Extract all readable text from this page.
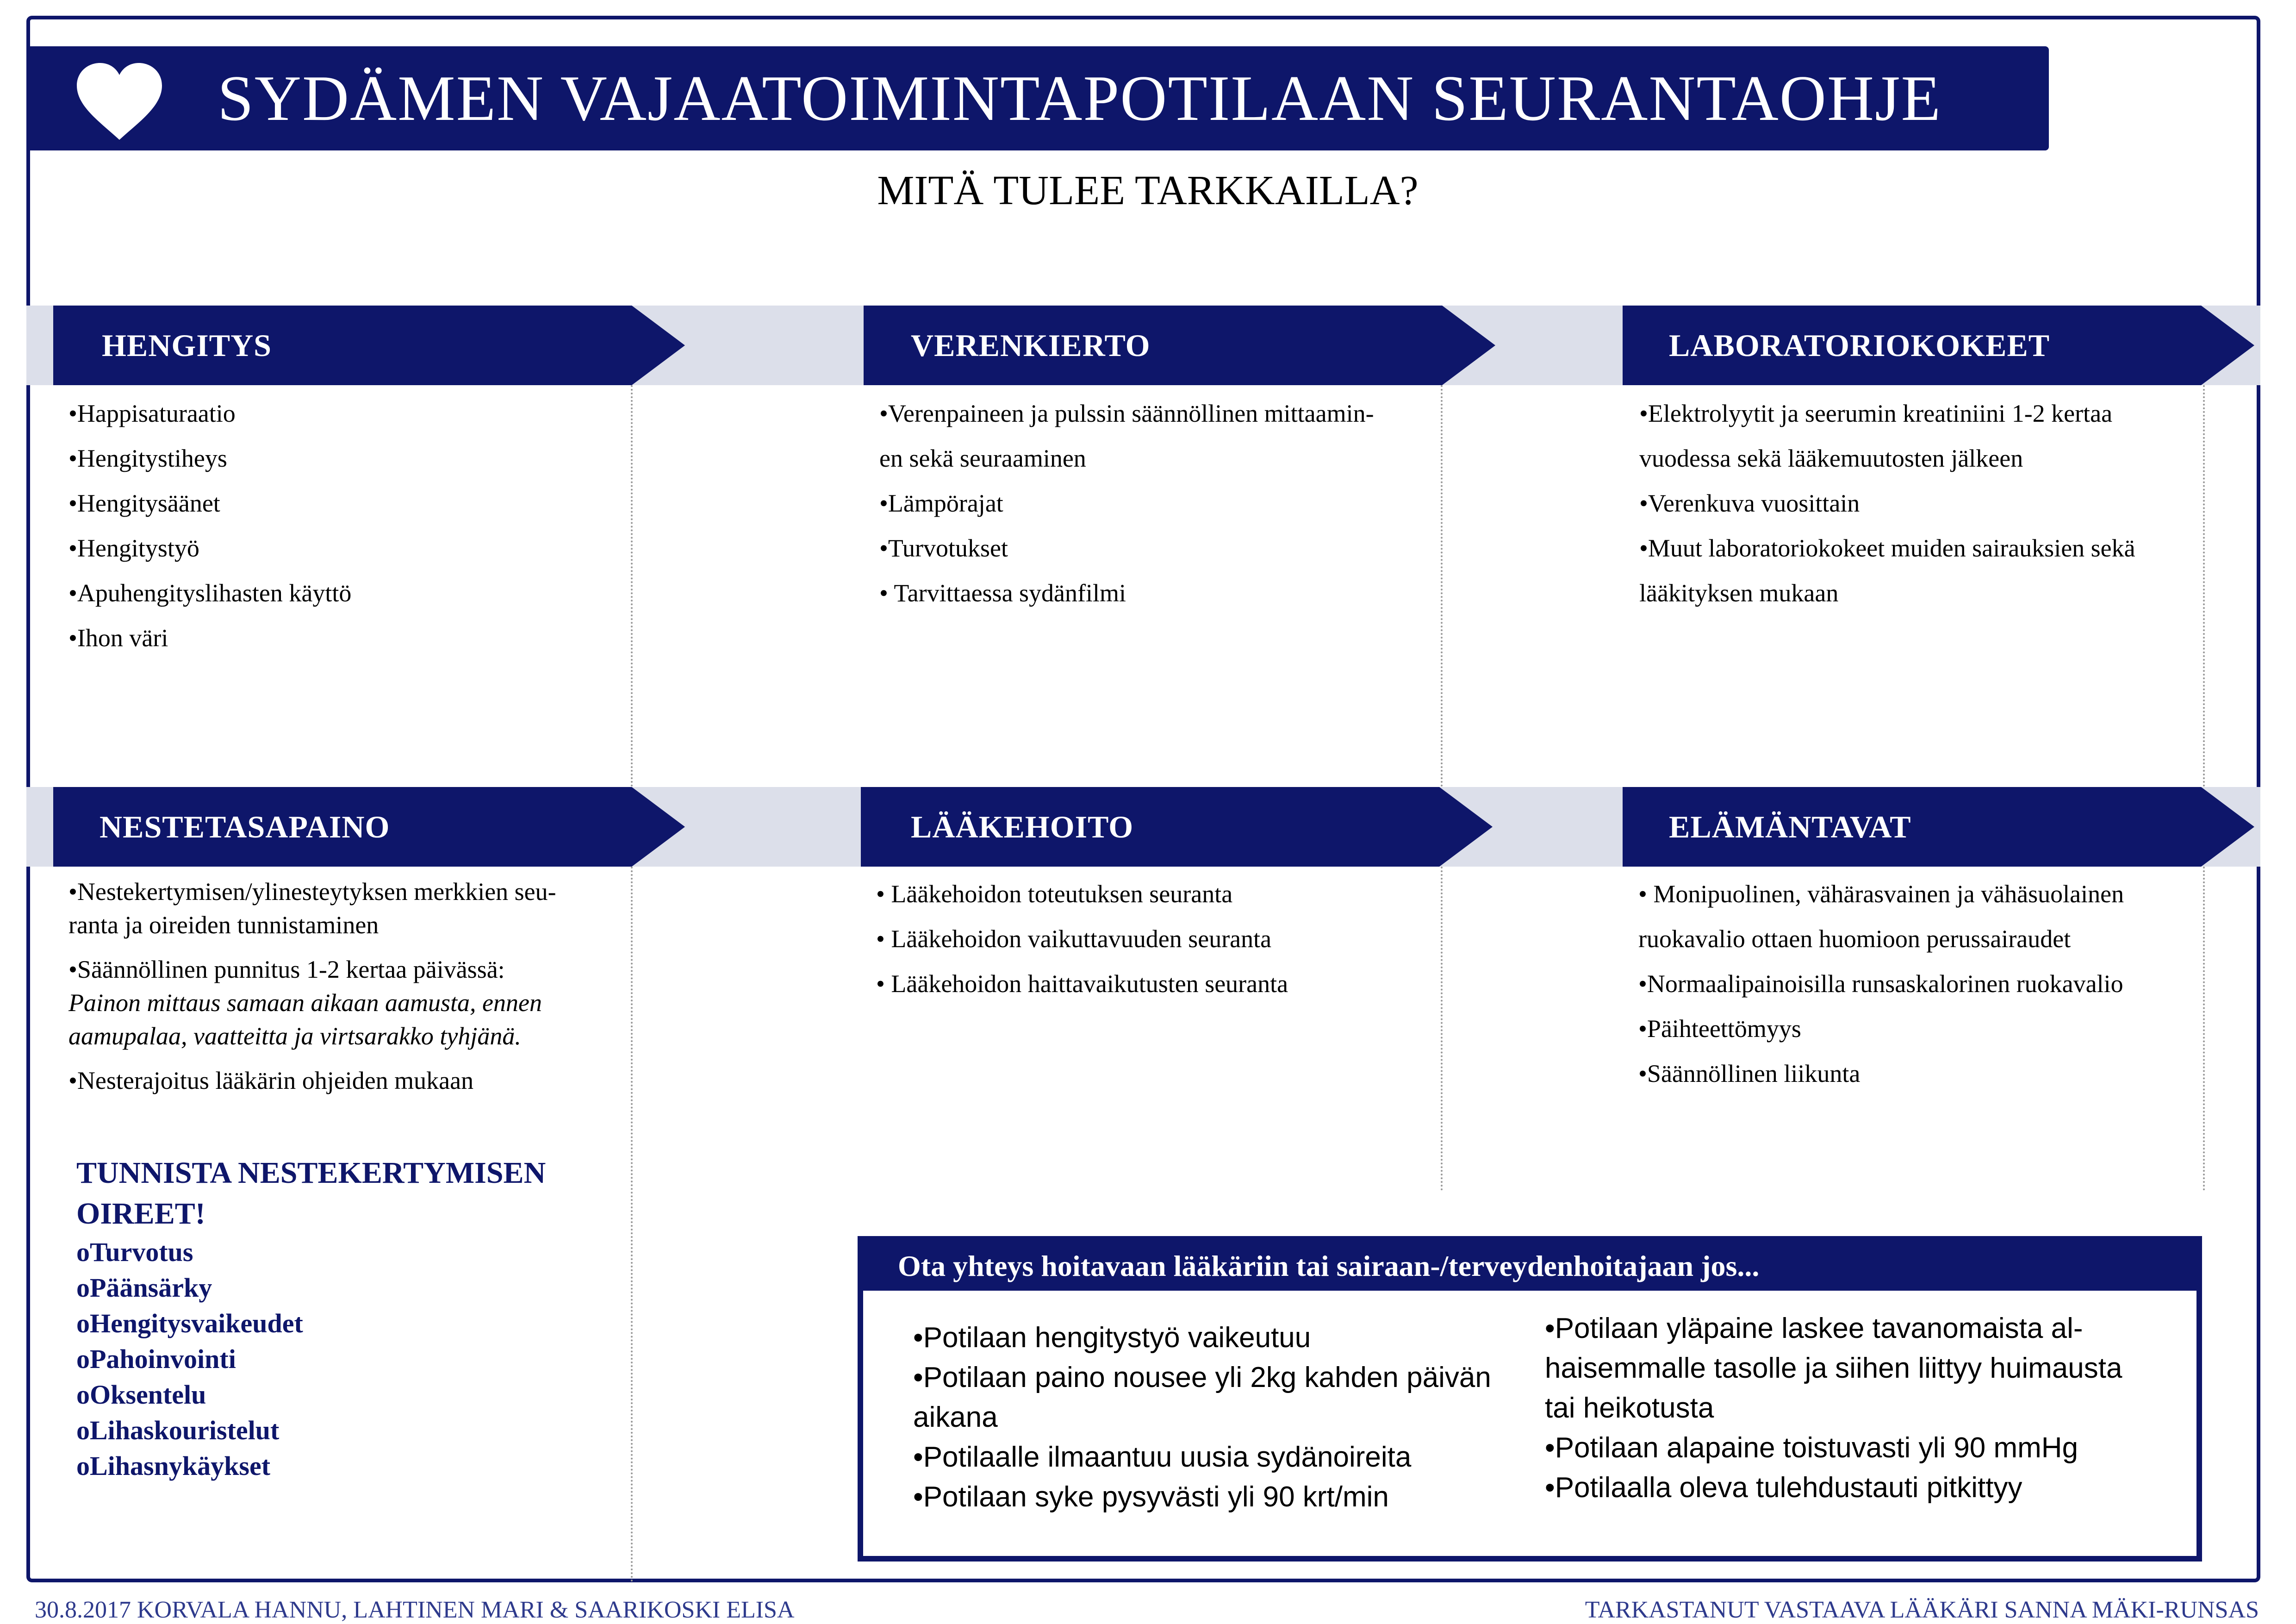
SYDÄMEN VAJAATOIMINTAPOTILAAN SEURANTAOHJE
MITÄ TULEE TARKKAILLA?
HENGITYS	VERENKIERTO	LABORATORIOKOKEET
NESTETASAPAINO	LÄÄKEHOITO	ELÄMÄNTAVAT
•Happisaturaatio
•Hengitystiheys
•Hengitysäänet
•Hengitystyö
•Apuhengityslihasten käyttö
•Ihon väri
•Verenpaineen ja pulssin säännöllinen mittaamin-
en sekä seuraaminen
•Lämpörajat
•Turvotukset
• Tarvittaessa sydänfilmi
•Elektrolyytit ja seerumin kreatiniini 1-2 kertaa
vuodessa sekä lääkemuutosten jälkeen
•Verenkuva vuosittain
•Muut laboratoriokokeet muiden sairauksien sekä
lääkityksen mukaan
•Nestekertymisen/ylinesteytyksen merkkien seu-
ranta ja oireiden tunnistaminen
•Säännöllinen punnitus 1-2 kertaa päivässä:
Painon mittaus samaan aikaan aamusta, ennen
aamupalaa, vaatteitta ja virtsarakko tyhjänä.
•Nesterajoitus lääkärin ohjeiden mukaan
• Lääkehoidon toteutuksen seuranta
• Lääkehoidon vaikuttavuuden seuranta
• Lääkehoidon haittavaikutusten seuranta
• Monipuolinen, vähärasvainen ja vähäsuolainen
ruokavalio ottaen huomioon perussairaudet
•Normaalipainoisilla runsaskalorinen ruokavalio
•Päihteettömyys
•Säännöllinen liikunta
TUNNISTA NESTEKERTYMISEN
OIREET!
oTurvotus
oPäänsärky
oHengitysvaikeudet
oPahoinvointi
oOksentelu
oLihaskouristelut
oLihasnykäykset
Ota yhteys hoitavaan lääkäriin tai sairaan-/terveydenhoitajaan jos...
•Potilaan hengitystyö vaikeutuu
•Potilaan paino nousee yli 2kg kahden päivän
aikana
•Potilaalle ilmaantuu uusia sydänoireita
•Potilaan syke pysyvästi yli 90 krt/min
•Potilaan yläpaine laskee tavanomaista al-
haisemmalle tasolle ja siihen liittyy huimausta
tai heikotusta
•Potilaan alapaine toistuvasti yli 90 mmHg
•Potilaalla oleva tulehdustauti pitkittyy
30.8.2017 KORVALA HANNU, LAHTINEN MARI & SAARIKOSKI ELISA	TARKASTANUT VASTAAVA LÄÄKÄRI SANNA MÄKI-RUNSAS
